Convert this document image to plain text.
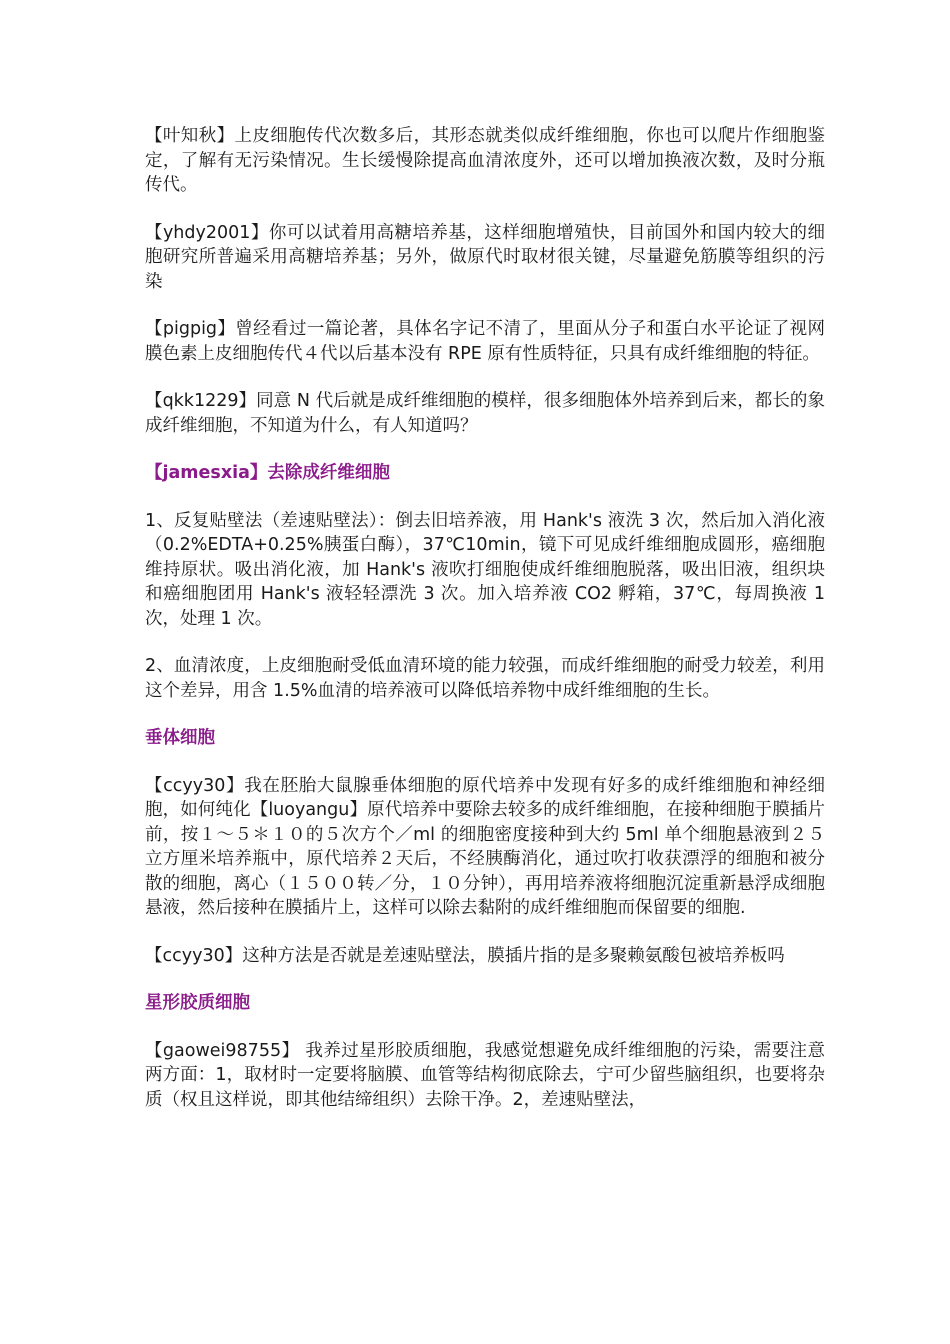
【叶知秋】上皮细胞传代次数多后，其形态就类似成纤维细胞，你也可以爬片作细胞鉴定，了解有无污染情况。生长缓慢除提高血清浓度外，还可以增加换液次数，及时分瓶传代。

【yhdy2001】你可以试着用高糖培养基，这样细胞增殖快，目前国外和国内较大的细胞研究所普遍采用高糖培养基；另外，做原代时取材很关键，尽量避免筋膜等组织的污染

【pigpig】曾经看过一篇论著，具体名字记不清了，里面从分子和蛋白水平论证了视网膜色素上皮细胞传代４代以后基本没有 RPE 原有性质特征，只具有成纤维细胞的特征。

【qkk1229】同意 N 代后就是成纤维细胞的模样，很多细胞体外培养到后来，都长的象成纤维细胞，不知道为什么，有人知道吗？

【jamesxia】去除成纤维细胞

1、反复贴壁法（差速贴壁法）：倒去旧培养液，用 Hank's 液洗 3 次，然后加入消化液（0.2%EDTA+0.25%胰蛋白酶），37℃10min，镜下可见成纤维细胞成圆形，癌细胞维持原状。吸出消化液，加 Hank's 液吹打细胞使成纤维细胞脱落，吸出旧液，组织块和癌细胞团用 Hank's 液轻轻漂洗 3 次。加入培养液 CO2 孵箱，37℃，每周换液 1 次，处理 1 次。

2、血清浓度，上皮细胞耐受低血清环境的能力较强，而成纤维细胞的耐受力较差，利用这个差异，用含 1.5%血清的培养液可以降低培养物中成纤维细胞的生长。

垂体细胞

【ccyy30】我在胚胎大鼠腺垂体细胞的原代培养中发现有好多的成纤维细胞和神经细胞，如何纯化【luoyangu】原代培养中要除去较多的成纤维细胞，在接种细胞于膜插片前，按１～５＊１０的５次方个／ml 的细胞密度接种到大约 5ml 单个细胞悬液到２５立方厘米培养瓶中，原代培养２天后，不经胰酶消化，通过吹打收获漂浮的细胞和被分散的细胞，离心（１５００转／分，１０分钟），再用培养液将细胞沉淀重新悬浮成细胞悬液，然后接种在膜插片上，这样可以除去黏附的成纤维细胞而保留要的细胞.

【ccyy30】这种方法是否就是差速贴壁法，膜插片指的是多聚赖氨酸包被培养板吗

星形胶质细胞

【gaowei98755】 我养过星形胶质细胞，我感觉想避免成纤维细胞的污染，需要注意两方面：1，取材时一定要将脑膜、血管等结构彻底除去，宁可少留些脑组织，也要将杂质（权且这样说，即其他结缔组织）去除干净。2，差速贴壁法，
